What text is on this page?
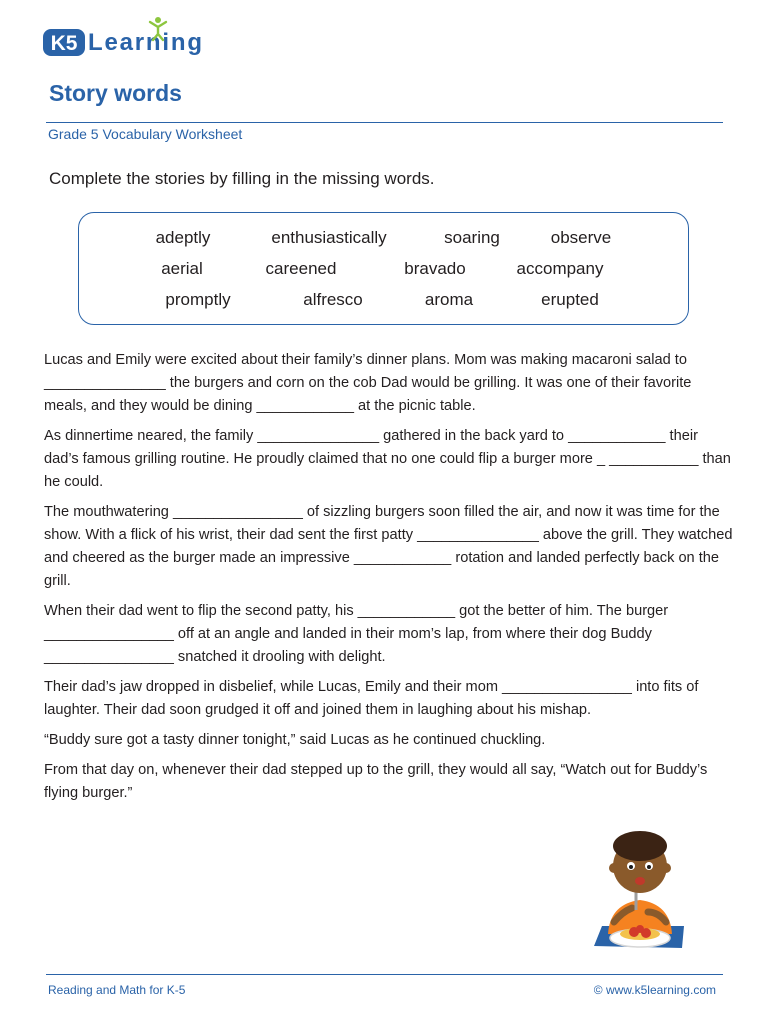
K5 Learning
Story words
Grade 5 Vocabulary Worksheet
Complete the stories by filling in the missing words.
adeptly	enthusiastically	soaring	observe
aerial	careened	bravado	accompany
promptly	alfresco	aroma	erupted

Lucas and Emily were excited about their family’s dinner plans. Mom was making macaroni salad to _______________ the burgers and corn on the cob Dad would be grilling. It was one of their favorite meals, and they would be dining ____________ at the picnic table.

As dinnertime neared, the family _______________ gathered in the back yard to ____________ their dad’s famous grilling routine. He proudly claimed that no one could flip a burger more _ ___________ than he could.

The mouthwatering ________________ of sizzling burgers soon filled the air, and now it was time for the show. With a flick of his wrist, their dad sent the first patty _______________ above the grill. They watched and cheered as the burger made an impressive ____________ rotation and landed perfectly back on the grill.

When their dad went to flip the second patty, his ____________ got the better of him. The burger ________________ off at an angle and landed in their mom’s lap, from where their dog Buddy ________________ snatched it drooling with delight.

Their dad’s jaw dropped in disbelief, while Lucas, Emily and their mom ________________ into fits of laughter. Their dad soon grudged it off and joined them in laughing about his mishap.

“Buddy sure got a tasty dinner tonight,” said Lucas as he continued chuckling.

From that day on, whenever their dad stepped up to the grill, they would all say, “Watch out for Buddy’s flying burger.”

Reading and Math for K-5	© www.k5learning.com
